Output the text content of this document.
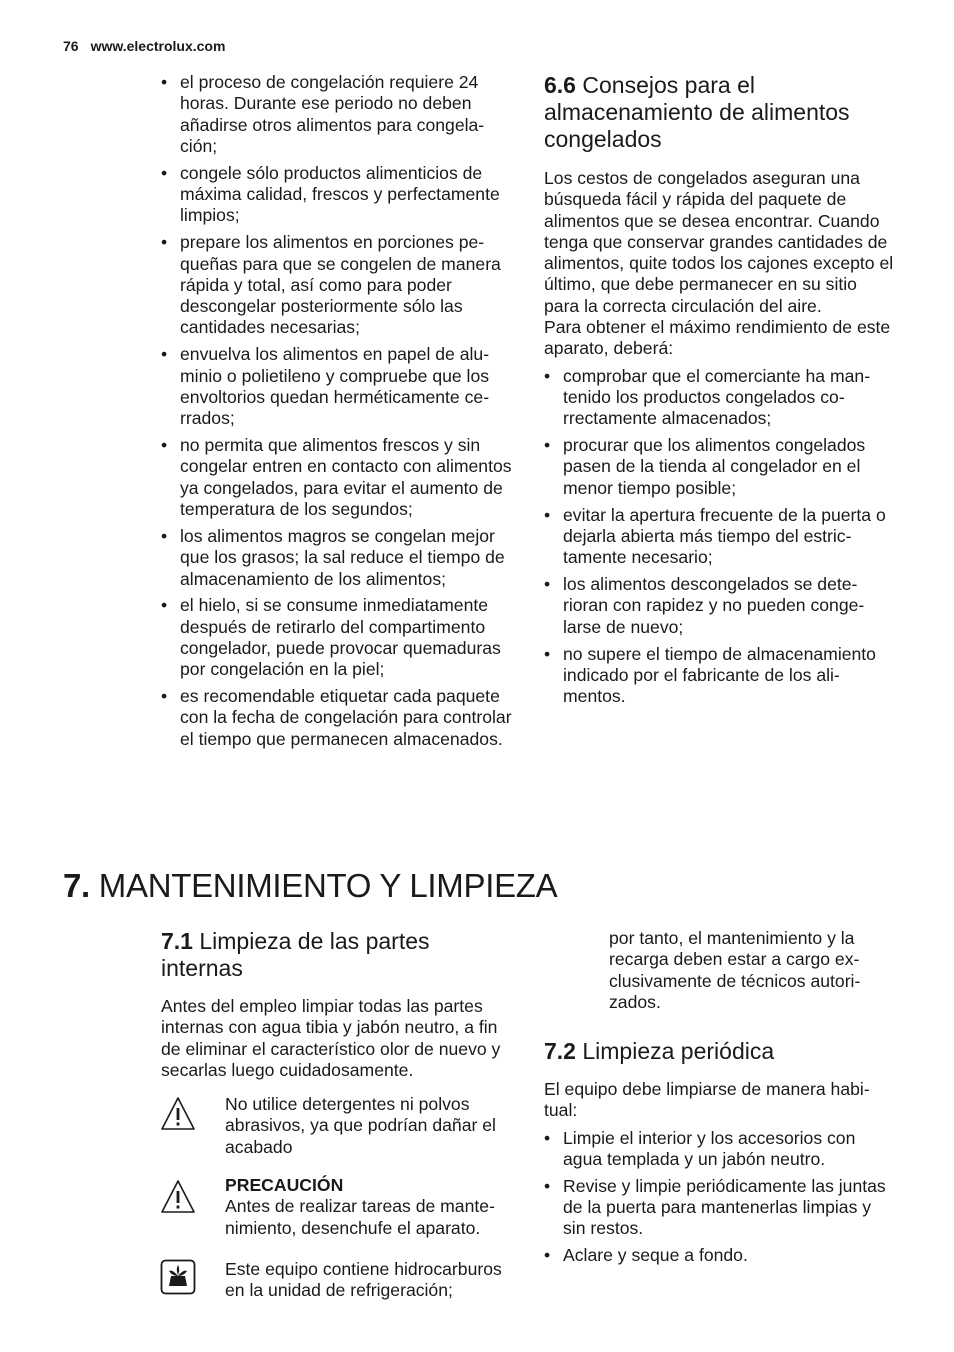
76 www.electrolux.com
• el proceso de congelación requiere 24 horas. Durante ese periodo no deben añadirse otros alimentos para congelación;
• congele sólo productos alimenticios de máxima calidad, frescos y perfectamente limpios;
• prepare los alimentos en porciones pequeñas para que se congelen de manera rápida y total, así como para poder descongelar posteriormente sólo las cantidades necesarias;
• envuelva los alimentos en papel de aluminio o polietileno y compruebe que los envoltorios quedan herméticamente cerrados;
• no permita que alimentos frescos y sin congelar entren en contacto con alimentos ya congelados, para evitar el aumento de temperatura de los segundos;
• los alimentos magros se congelan mejor que los grasos; la sal reduce el tiempo de almacenamiento de los alimentos;
• el hielo, si se consume inmediatamente después de retirarlo del compartimento congelador, puede provocar quemaduras por congelación en la piel;
• es recomendable etiquetar cada paquete con la fecha de congelación para controlar el tiempo que permanecen almacenados.
6.6 Consejos para el almacenamiento de alimentos congelados

Los cestos de congelados aseguran una búsqueda fácil y rápida del paquete de alimentos que se desea encontrar. Cuando tenga que conservar grandes cantidades de alimentos, quite todos los cajones excepto el último, que debe permanecer en su sitio para la correcta circulación del aire.

Para obtener el máximo rendimiento de este aparato, deberá:

• comprobar que el comerciante ha mantenido los productos congelados correctamente almacenados;
• procurar que los alimentos congelados pasen de la tienda al congelador en el menor tiempo posible;
• evitar la apertura frecuente de la puerta o dejarla abierta más tiempo del estrictamente necesario;
• los alimentos descongelados se deterioran con rapidez y no pueden congelarse de nuevo;
• no supere el tiempo de almacenamiento indicado por el fabricante de los alimentos.
7. MANTENIMIENTO Y LIMPIEZA
7.1 Limpieza de las partes internas

Antes del empleo limpiar todas las partes internas con agua tibia y jabón neutro, a fin de eliminar el característico olor de nuevo y secarlas luego cuidadosamente.

No utilice detergentes ni polvos abrasivos, ya que podrían dañar el acabado
PRECAUCIÓN
Antes de realizar tareas de mantenimiento, desenchufe el aparato.
Este equipo contiene hidrocarburos en la unidad de refrigeración;
por tanto, el mantenimiento y la recarga deben estar a cargo exclusivamente de técnicos autorizados.
7.2 Limpieza periódica

El equipo debe limpiarse de manera habitual:

• Limpie el interior y los accesorios con agua templada y un jabón neutro.
• Revise y limpie periódicamente las juntas de la puerta para mantenerlas limpias y sin restos.
• Aclare y seque a fondo.
